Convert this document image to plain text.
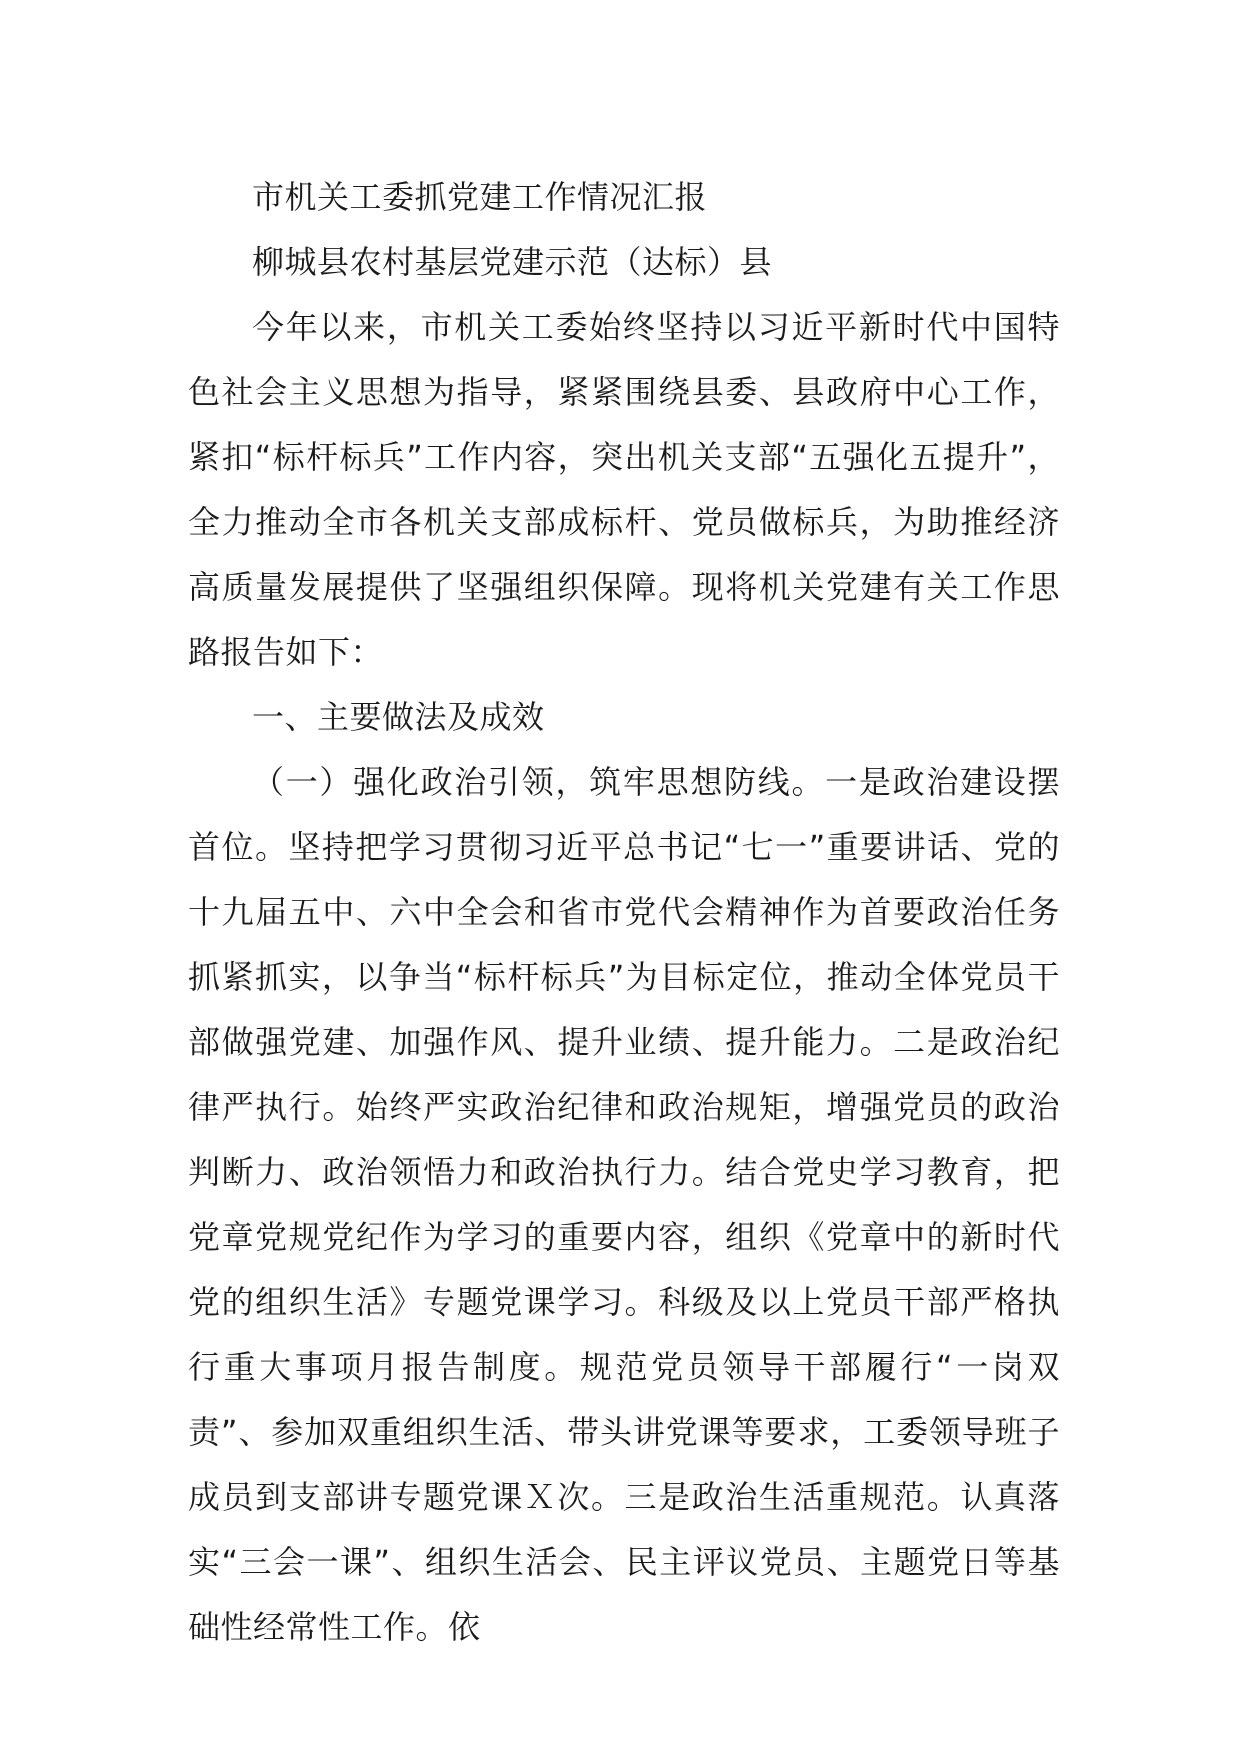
市机关工委抓党建工作情况汇报

柳城县农村基层党建示范（达标）县

今年以来，市机关工委始终坚持以习近平新时代中国特色社会主义思想为指导，紧紧围绕县委、县政府中心工作，紧扣“标杆标兵”工作内容，突出机关支部“五强化五提升”，全力推动全市各机关支部成标杆、党员做标兵，为助推经济高质量发展提供了坚强组织保障。现将机关党建有关工作思路报告如下：

一、主要做法及成效

（一）强化政治引领，筑牢思想防线。一是政治建设摆首位。坚持把学习贯彻习近平总书记“七一”重要讲话、党的十九届五中、六中全会和省市党代会精神作为首要政治任务抓紧抓实，以争当“标杆标兵”为目标定位，推动全体党员干部做强党建、加强作风、提升业绩、提升能力。二是政治纪律严执行。始终严实政治纪律和政治规矩，增强党员的政治判断力、政治领悟力和政治执行力。结合党史学习教育，把党章党规党纪作为学习的重要内容，组织《党章中的新时代党的组织生活》专题党课学习。科级及以上党员干部严格执行重大事项月报告制度。规范党员领导干部履行“一岗双责”、参加双重组织生活、带头讲党课等要求，工委领导班子成员到支部讲专题党课Ｘ次。三是政治生活重规范。认真落实“三会一课”、组织生活会、民主评议党员、主题党日等基础性经常性工作。依
